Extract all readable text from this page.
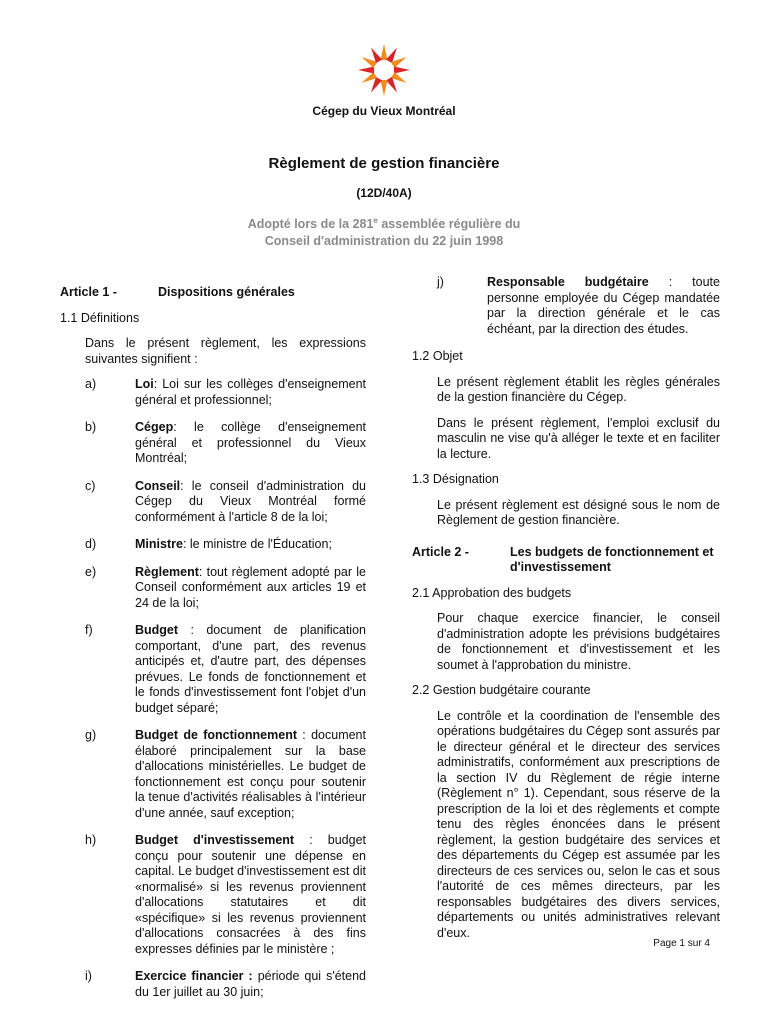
Cégep du Vieux Montréal
Règlement de gestion financière
(12D/40A)
Adopté lors de la 281e assemblée régulière du
Conseil d'administration du 22 juin 1998
Article 1 -	Dispositions générales
1.1 Définitions
Dans le présent règlement, les expressions suivantes signifient :
a)	Loi: Loi sur les collèges d'enseignement général et professionnel;
b)	Cégep: le collège d'enseignement général et professionnel du Vieux Montréal;
c)	Conseil: le conseil d'administration du Cégep du Vieux Montréal formé conformément à l'article 8 de la loi;
d)	Ministre: le ministre de l'Éducation;
e)	Règlement: tout règlement adopté par le Conseil conformément aux articles 19 et 24 de la loi;
f)	Budget : document de planification comportant, d'une part, des revenus anticipés et, d'autre part, des dépenses prévues. Le fonds de fonctionnement et le fonds d'investissement font l'objet d'un budget séparé;
g)	Budget de fonctionnement : document élaboré principalement sur la base d'allocations ministérielles. Le budget de fonctionnement est conçu pour soutenir la tenue d'activités réalisables à l'intérieur d'une année, sauf exception;
h)	Budget d'investissement : budget conçu pour soutenir une dépense en capital. Le budget d'investissement est dit «normalisé» si les revenus proviennent d'allocations statutaires et dit «spécifique» si les revenus proviennent d'allocations consacrées à des fins expresses définies par le ministère ;
i)	Exercice financier : période qui s'étend du 1er juillet au 30 juin;
j)	Responsable budgétaire : toute personne employée du Cégep mandatée par la direction générale et le cas échéant, par la direction des études.
1.2 Objet
Le présent règlement établit les règles générales de la gestion financière du Cégep.
Dans le présent règlement, l'emploi exclusif du masculin ne vise qu'à alléger le texte et en faciliter la lecture.
1.3 Désignation
Le présent règlement est désigné sous le nom de Règlement de gestion financière.
Article 2 -	Les budgets de fonctionnement et d'investissement
2.1 Approbation des budgets
Pour chaque exercice financier, le conseil d'administration adopte les prévisions budgétaires de fonctionnement et d'investissement et les soumet à l'approbation du ministre.
2.2 Gestion budgétaire courante
Le contrôle et la coordination de l'ensemble des opérations budgétaires du Cégep sont assurés par le directeur général et le directeur des services administratifs, conformément aux prescriptions de la section IV du Règlement de régie interne (Règlement n° 1). Cependant, sous réserve de la prescription de la loi et des règlements et compte tenu des règles énoncées dans le présent règlement, la gestion budgétaire des services et des départements du Cégep est assumée par les directeurs de ces services ou, selon le cas et sous l'autorité de ces mêmes directeurs, par les responsables budgétaires des divers services, départements ou unités administratives relevant d'eux.
Page 1 sur 4
